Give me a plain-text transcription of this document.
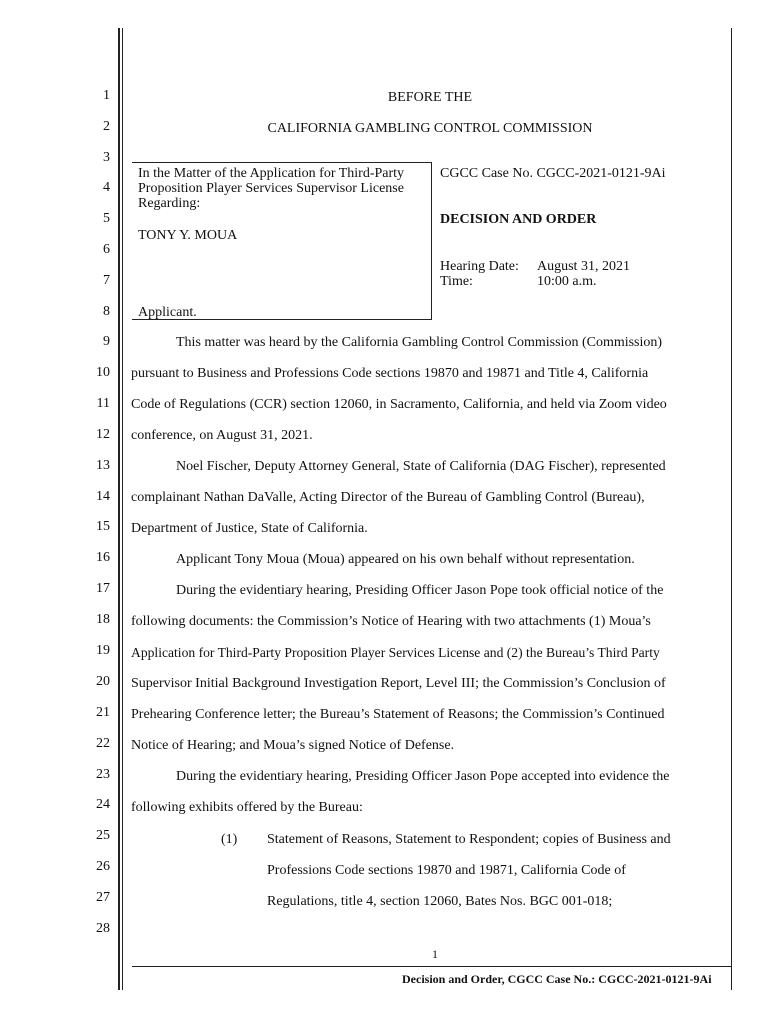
1
2
3
4
5
6
7
8
9
10
11
12
13
14
15
16
17
18
19
20
21
22
23
24
25
26
27
28
BEFORE THE
CALIFORNIA GAMBLING CONTROL COMMISSION
In the Matter of the Application for Third-Party
Proposition Player Services Supervisor License
Regarding:
TONY Y. MOUA
Applicant.
CGCC Case No. CGCC-2021-0121-9Ai
DECISION AND ORDER
Hearing Date: August 31, 2021
Time:	10:00 a.m.
This matter was heard by the California Gambling Control Commission (Commission)
pursuant to Business and Professions Code sections 19870 and 19871 and Title 4, California
Code of Regulations (CCR) section 12060, in Sacramento, California, and held via Zoom video
conference, on August 31, 2021.
Noel Fischer, Deputy Attorney General, State of California (DAG Fischer), represented
complainant Nathan DaValle, Acting Director of the Bureau of Gambling Control (Bureau),
Department of Justice, State of California.
Applicant Tony Moua (Moua) appeared on his own behalf without representation.
During the evidentiary hearing, Presiding Officer Jason Pope took official notice of the
following documents: the Commission’s Notice of Hearing with two attachments (1) Moua’s
Application for Third-Party Proposition Player Services License and (2) the Bureau’s Third Party
Supervisor Initial Background Investigation Report, Level III; the Commission’s Conclusion of
Prehearing Conference letter; the Bureau’s Statement of Reasons; the Commission’s Continued
Notice of Hearing; and Moua’s signed Notice of Defense.
During the evidentiary hearing, Presiding Officer Jason Pope accepted into evidence the
following exhibits offered by the Bureau:
(1) Statement of Reasons, Statement to Respondent; copies of Business and
Professions Code sections 19870 and 19871, California Code of
Regulations, title 4, section 12060, Bates Nos. BGC 001-018;
1
Decision and Order, CGCC Case No.: CGCC-2021-0121-9Ai
